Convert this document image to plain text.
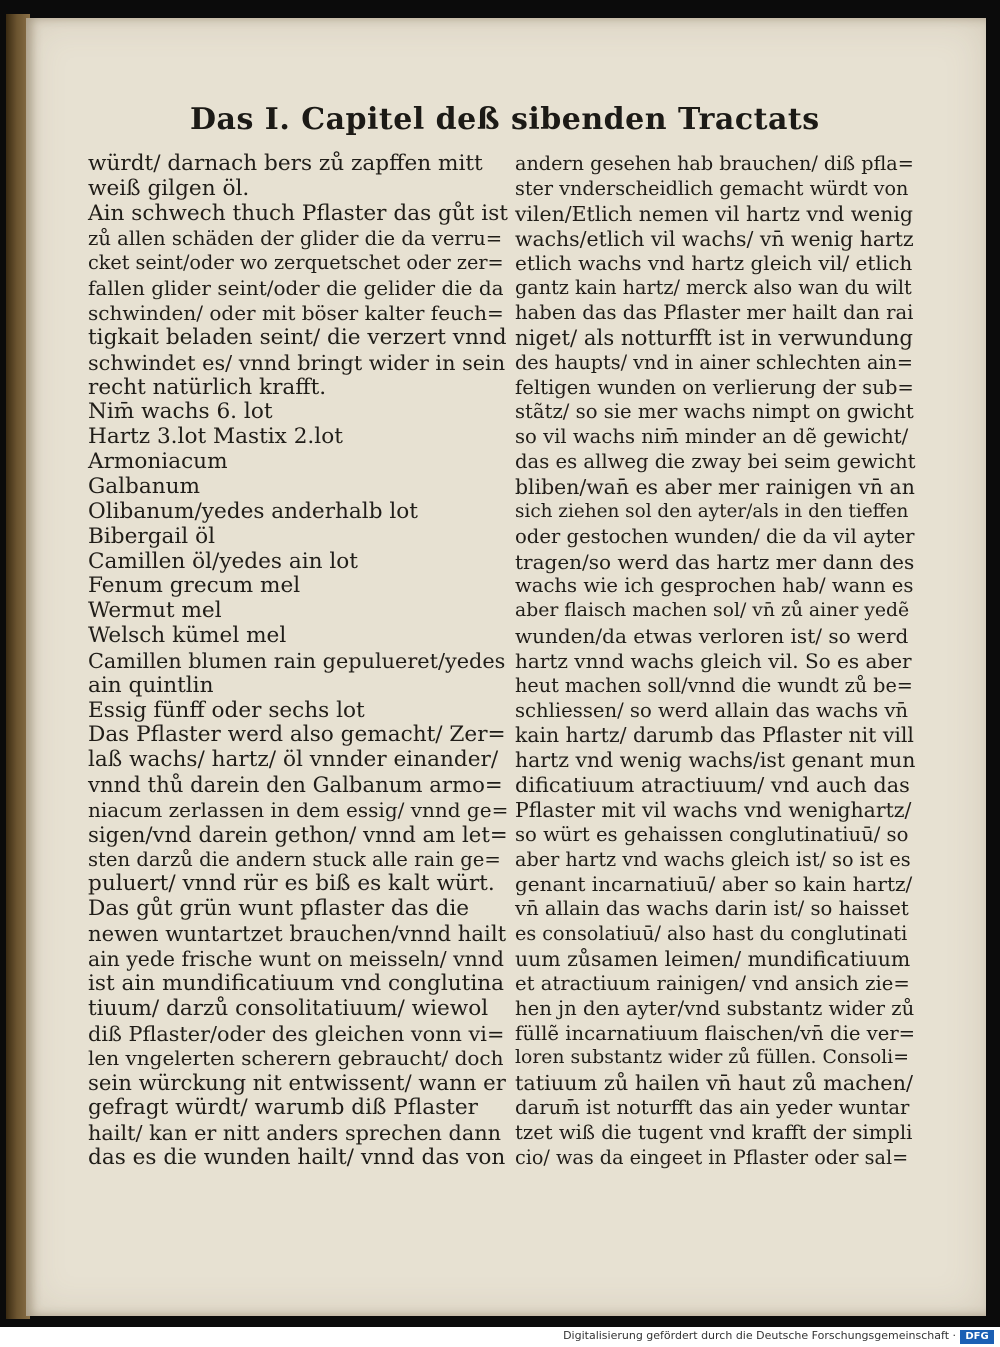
Das I. Capitel deß sibenden Tractats
würdt/ darnach bers zů zapffen mitt
weiß gilgen öl.
Ain schwech thuch Pflaster das gůt ist
zů allen schäden der glider die da verru=
cket seint/oder wo zerquetschet oder zer=
fallen glider seint/oder die gelider die da
schwinden/ oder mit böser kalter feuch=
tigkait beladen seint/ die verzert vnnd
schwindet es/ vnnd bringt wider in sein
recht natürlich krafft.
Nim̄ wachs 6. lot
Hartz 3.lot Mastix 2.lot
Armoniacum
Galbanum
Olibanum/yedes anderhalb lot
Bibergail öl
Camillen öl/yedes ain lot
Fenum grecum mel
Wermut mel
Welsch kümel mel
Camillen blumen rain gepulueret/yedes
ain quintlin
Essig fünff oder sechs lot
Das Pflaster werd also gemacht/ Zer=
laß wachs/ hartz/ öl vnnder einander/
vnnd thů darein den Galbanum armo=
niacum zerlassen in dem essig/ vnnd ge=
sigen/vnd darein gethon/ vnnd am let=
sten darzů die andern stuck alle rain ge=
puluert/ vnnd rür es biß es kalt würt.
Das gůt grün wunt pflaster das die
newen wuntartzet brauchen/vnnd hailt
ain yede frische wunt on meisseln/ vnnd
ist ain mundificatiuum vnd conglutina
tiuum/ darzů consolitatiuum/ wiewol
diß Pflaster/oder des gleichen vonn vi=
len vngelerten scherern gebraucht/ doch
sein würckung nit entwissent/ wann er
gefragt würdt/ warumb diß Pflaster
hailt/ kan er nitt anders sprechen dann
das es die wunden hailt/ vnnd das von
andern gesehen hab brauchen/ diß pfla=
ster vnderscheidlich gemacht würdt von
vilen/Etlich nemen vil hartz vnd wenig
wachs/etlich vil wachs/ vn̄ wenig hartz
etlich wachs vnd hartz gleich vil/ etlich
gantz kain hartz/ merck also wan du wilt
haben das das Pflaster mer hailt dan rai
niget/ als notturfft ist in verwundung
des haupts/ vnd in ainer schlechten ain=
feltigen wunden on verlierung der sub=
stãtz/ so sie mer wachs nimpt on gwicht
so vil wachs nim̄ minder an dẽ gewicht/
das es allweg die zway bei seim gewicht
bliben/wan̄ es aber mer rainigen vn̄ an
sich ziehen sol den ayter/als in den tieffen
oder gestochen wunden/ die da vil ayter
tragen/so werd das hartz mer dann des
wachs wie ich gesprochen hab/ wann es
aber flaisch machen sol/ vn̄ zů ainer yedẽ
wunden/da etwas verloren ist/ so werd
hartz vnnd wachs gleich vil. So es aber
heut machen soll/vnnd die wundt zů be=
schliessen/ so werd allain das wachs vn̄
kain hartz/ darumb das Pflaster nit vill
hartz vnd wenig wachs/ist genant mun
dificatiuum atractiuum/ vnd auch das
Pflaster mit vil wachs vnd wenighartz/
so würt es gehaissen conglutinatiuū/ so
aber hartz vnd wachs gleich ist/ so ist es
genant incarnatiuū/ aber so kain hartz/
vn̄ allain das wachs darin ist/ so haisset
es consolatiuū/ also hast du conglutinati
uum zůsamen leimen/ mundificatiuum
et atractiuum rainigen/ vnd ansich zie=
hen jn den ayter/vnd substantz wider zů
füllẽ incarnatiuum flaischen/vn̄ die ver=
loren substantz wider zů füllen. Consoli=
tatiuum zů hailen vn̄ haut zů machen/
darum̄ ist noturfft das ain yeder wuntar
tzet wiß die tugent vnd krafft der simpli
cio/ was da eingeet in Pflaster oder sal=
Digitalisierung gefördert durch die Deutsche Forschungsgemeinschaft · DFG
